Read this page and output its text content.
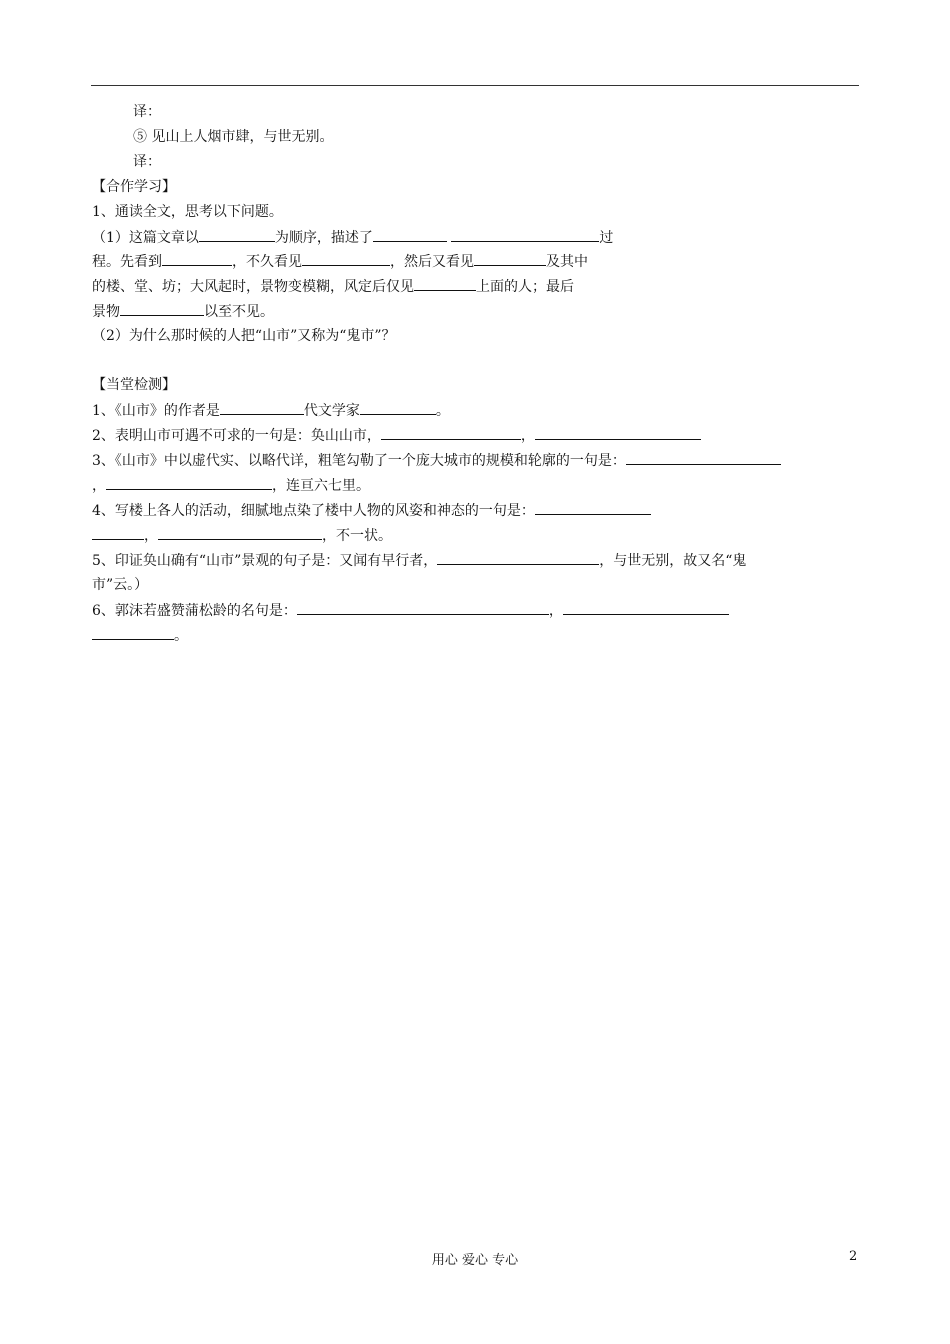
译：
⑤ 见山上人烟市肆，与世无别。
译：
【合作学习】
1、通读全文，思考以下问题。
（1）这篇文章以	为顺序，描述了	过
程。先看到	，不久看见	，然后又看见	及其中
的楼、堂、坊；大风起时，景物变模糊，风定后仅见	上面的人；最后
景物	以至不见。
（2）为什么那时候的人把“山市”又称为“鬼市”？
【当堂检测】
1、《山市》的作者是	代文学家	。
2、表明山市可遇不可求的一句是：奂山山市，	，
3、《山市》中以虚代实、以略代详，粗笔勾勒了一个庞大城市的规模和轮廓的一句是：
，	，连亘六七里。
4、写楼上各人的活动，细腻地点染了楼中人物的风姿和神态的一句是：
，	，不一状。
5、印证奂山确有“山市”景观的句子是：又闻有早行者，	，与世无别，故又名“鬼
市”云。）
6、郭沫若盛赞蒲松龄的名句是：	，
。
用心 爱心 专心	2
